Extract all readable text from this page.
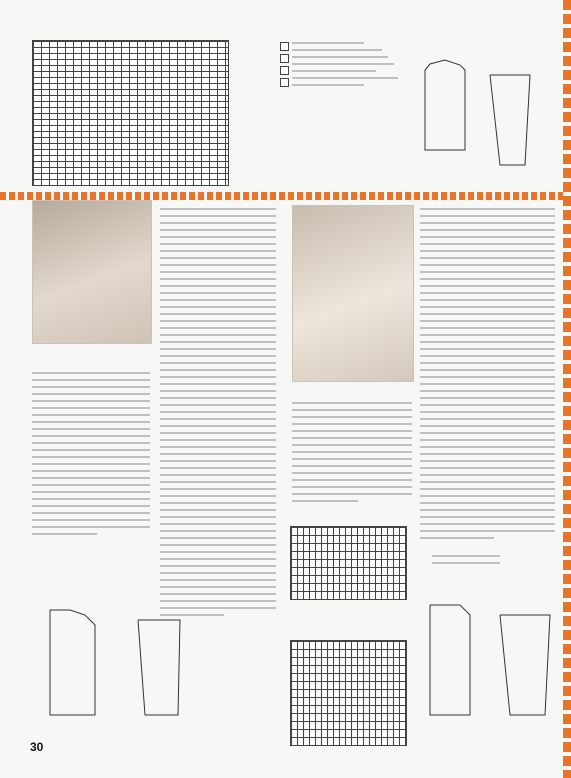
30
